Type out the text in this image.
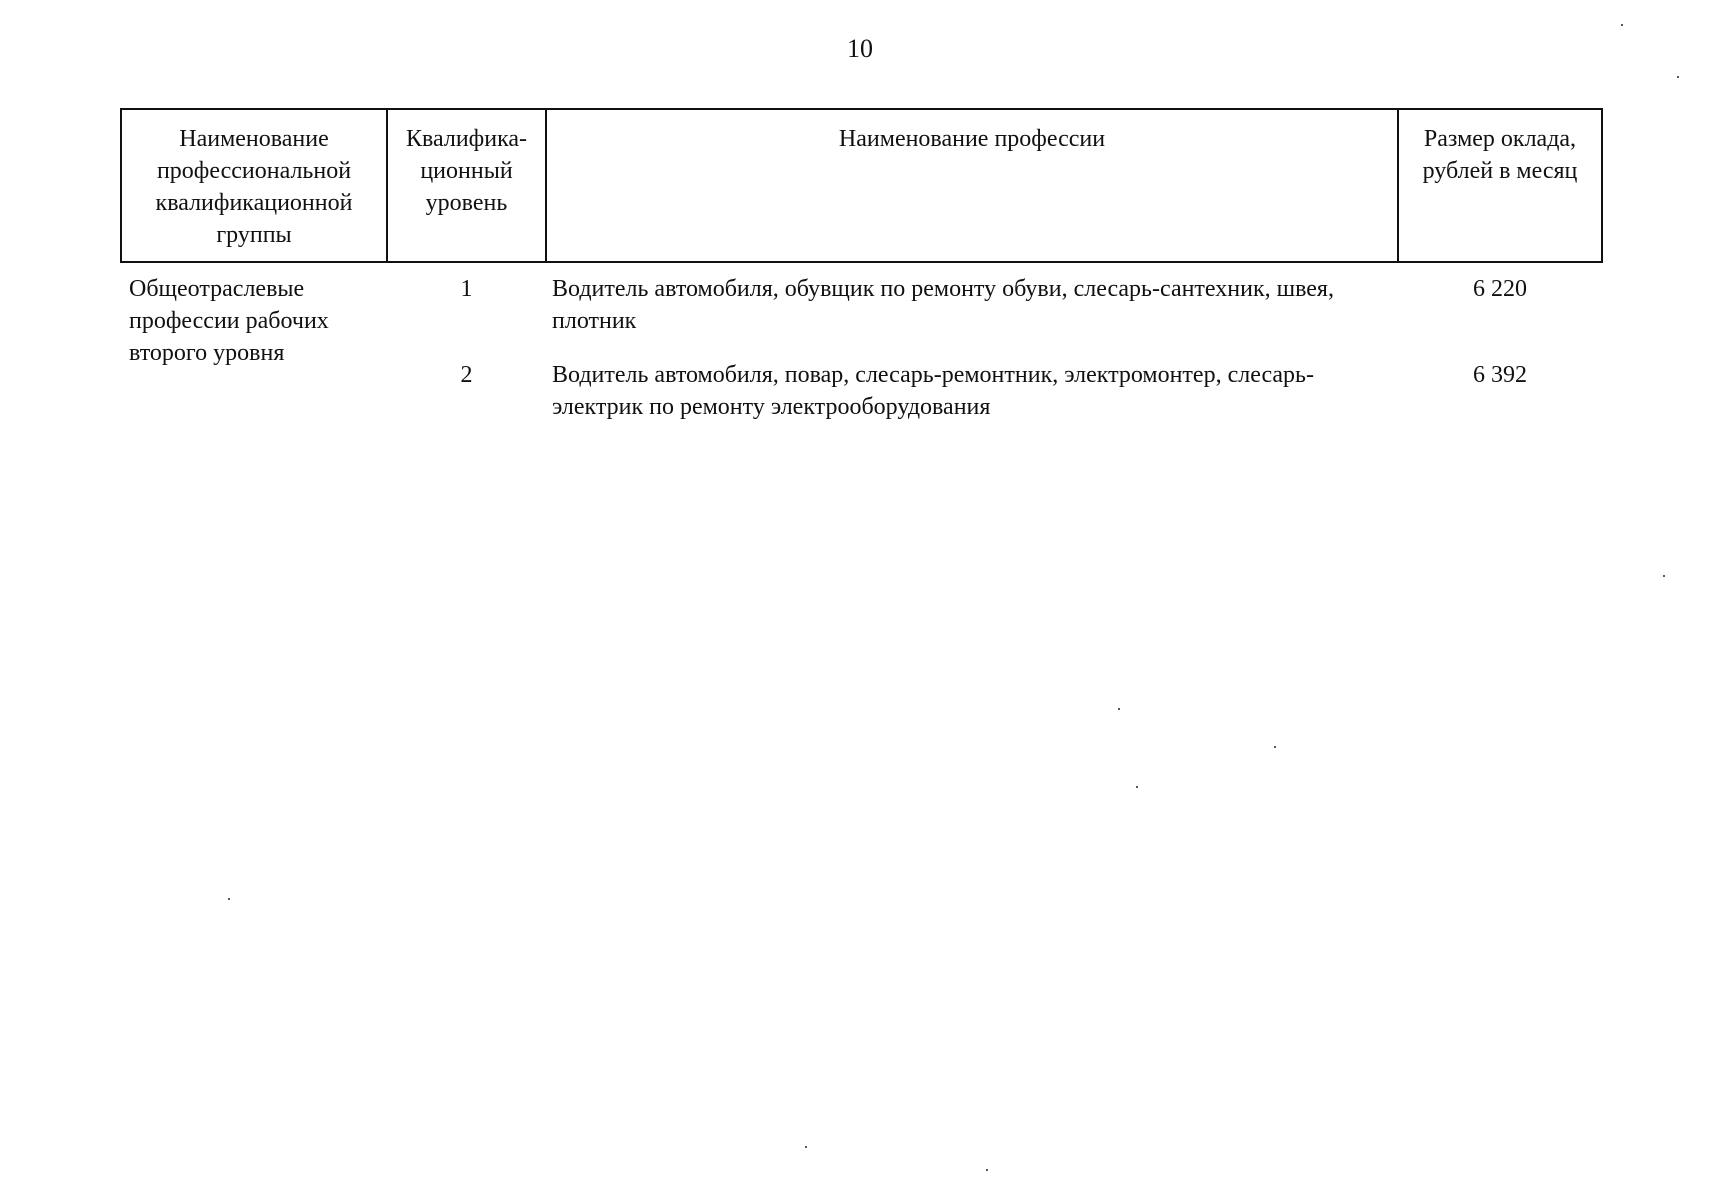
10
Наименование профессиональной квалификационной группы	Квалифика-ционный уровень	Наименование профессии	Размер оклада, рублей в месяц
Общеотраслевые профессии рабочих второго уровня	1	Водитель автомобиля, обувщик по ремонту обуви, слесарь-сантехник, швея, плотник	6 220
	2	Водитель автомобиля, повар, слесарь-ремонтник, электромонтер, слесарь-электрик по ремонту электрооборудования	6 392
